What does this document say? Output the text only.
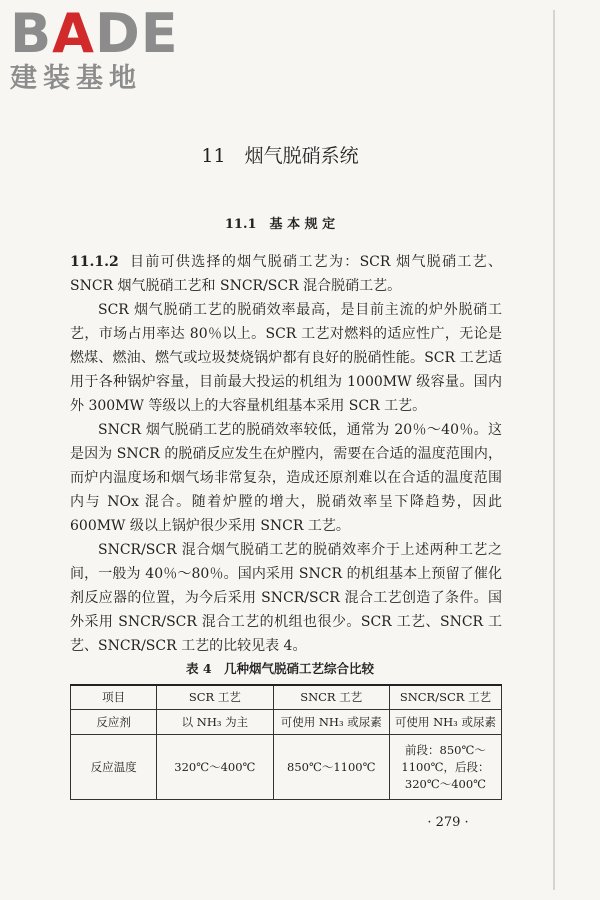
BADE
建装基地
11　烟气脱硝系统
11.1　基 本 规 定

11.1.2 目前可供选择的烟气脱硝工艺为：SCR 烟气脱硝工艺、SNCR 烟气脱硝工艺和 SNCR/SCR 混合脱硝工艺。

SCR 烟气脱硝工艺的脱硝效率最高，是目前主流的炉外脱硝工艺，市场占用率达 80％以上。SCR 工艺对燃料的适应性广，无论是燃煤、燃油、燃气或垃圾焚烧锅炉都有良好的脱硝性能。SCR 工艺适用于各种锅炉容量，目前最大投运的机组为 1000MW 级容量。国内外 300MW 等级以上的大容量机组基本采用 SCR 工艺。

SNCR 烟气脱硝工艺的脱硝效率较低，通常为 20％～40％。这是因为 SNCR 的脱硝反应发生在炉膛内，需要在合适的温度范围内，而炉内温度场和烟气场非常复杂，造成还原剂难以在合适的温度范围内与 NOx 混合。随着炉膛的增大，脱硝效率呈下降趋势，因此 600MW 级以上锅炉很少采用 SNCR 工艺。

SNCR/SCR 混合烟气脱硝工艺的脱硝效率介于上述两种工艺之间，一般为 40％～80％。国内采用 SNCR 的机组基本上预留了催化剂反应器的位置，为今后采用 SNCR/SCR 混合工艺创造了条件。国外采用 SNCR/SCR 混合工艺的机组也很少。SCR 工艺、SNCR 工艺、SNCR/SCR 工艺的比较见表 4。

表 4　几种烟气脱硝工艺综合比较
项目	SCR 工艺	SNCR 工艺	SNCR/SCR 工艺
反应剂	以 NH₃ 为主	可使用 NH₃ 或尿素	可使用 NH₃ 或尿素
反应温度	320℃～400℃	850℃～1100℃	前段：850℃～1100℃，后段：320℃～400℃
· 279 ·
